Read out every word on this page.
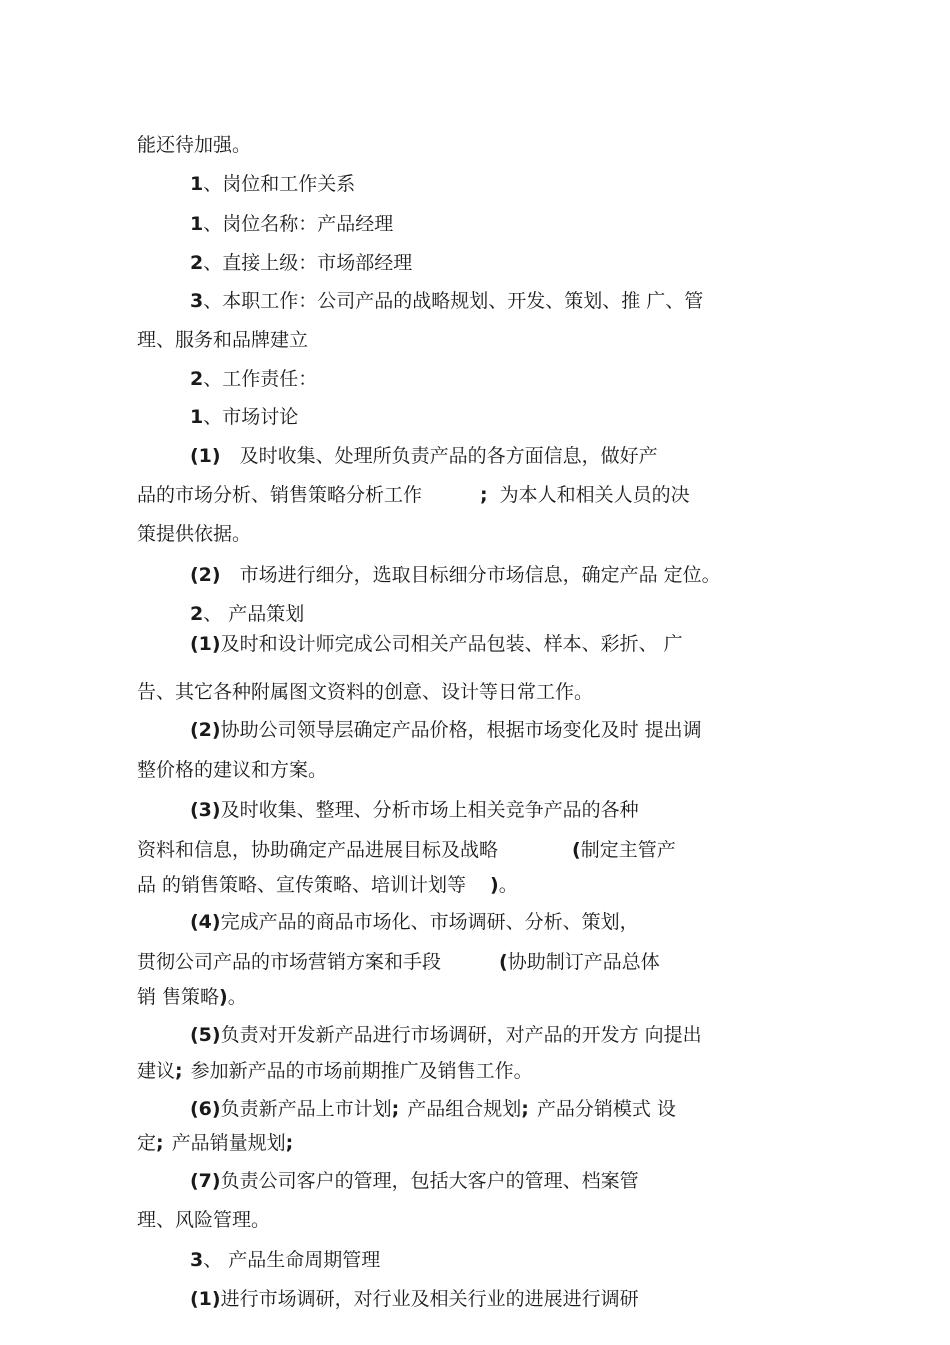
能还待加强。
1、岗位和工作关系
1、岗位名称：产品经理
2、直接上级：市场部经理
3、本职工作：公司产品的战略规划、开发、策划、推 广、管
理、服务和品牌建立
2、工作责任：
1、市场讨论
(1) 及时收集、处理所负责产品的各方面信息，做好产
品的市场分析、销售策略分析工作	; 为本人和相关人员的决
策提供依据。
(2) 市场进行细分，选取目标细分市场信息，确定产品 定位。
2、 产品策划
(1)及时和设计师完成公司相关产品包装、样本、彩折、 广
告、其它各种附属图文资料的创意、设计等日常工作。
(2)协助公司领导层确定产品价格，根据市场变化及时 提出调
整价格的建议和方案。
(3)及时收集、整理、分析市场上相关竞争产品的各种
资料和信息，协助确定产品进展目标及战略	(制定主管产
品 的销售策略、宣传策略、培训计划等 )。
(4)完成产品的商品市场化、市场调研、分析、策划，
贯彻公司产品的市场营销方案和手段	(协助制订产品总体
销 售策略)。
(5)负责对开发新产品进行市场调研，对产品的开发方 向提出
建议; 参加新产品的市场前期推广及销售工作。
(6)负责新产品上市计划; 产品组合规划; 产品分销模式 设
定; 产品销量规划;
(7)负责公司客户的管理，包括大客户的管理、档案管
理、风险管理。
3、 产品生命周期管理
(1)进行市场调研，对行业及相关行业的进展进行调研
